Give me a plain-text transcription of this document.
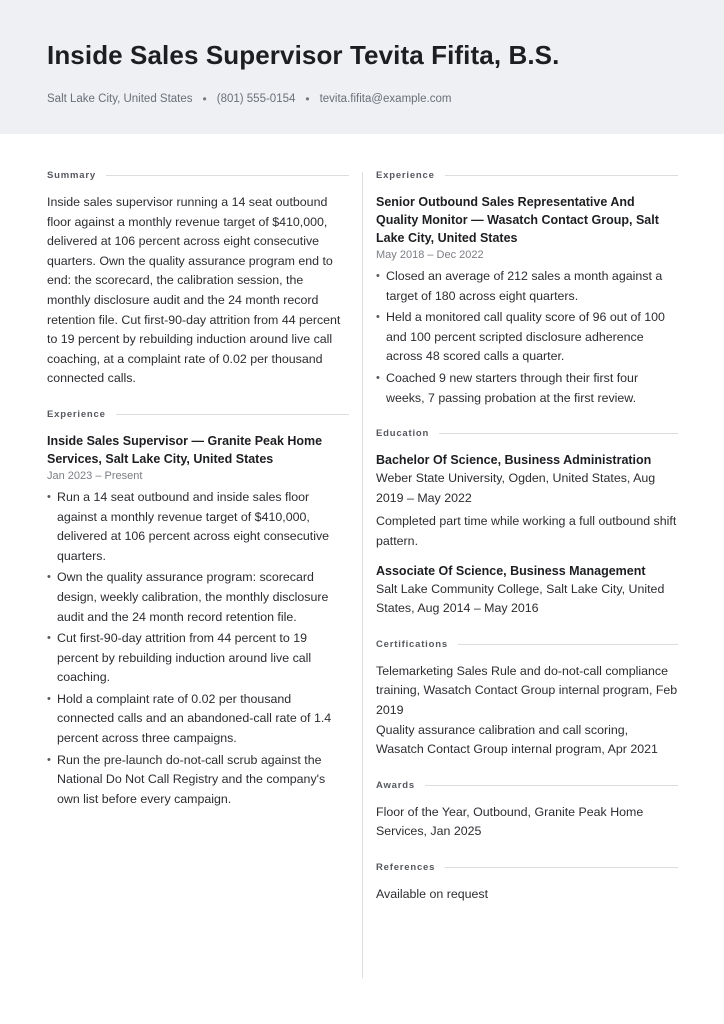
Inside Sales Supervisor Tevita Fifita, B.S.
Salt Lake City, United States • (801) 555-0154 • tevita.fifita@example.com
Summary

Inside sales supervisor running a 14 seat outbound floor against a monthly revenue target of $410,000, delivered at 106 percent across eight consecutive quarters. Own the quality assurance program end to end: the scorecard, the calibration session, the monthly disclosure audit and the 24 month record retention file. Cut first-90-day attrition from 44 percent to 19 percent by rebuilding induction around live call coaching, at a complaint rate of 0.02 per thousand connected calls.

Experience

Inside Sales Supervisor — Granite Peak Home Services, Salt Lake City, United States

Jan 2023 – Present
• Run a 14 seat outbound and inside sales floor against a monthly revenue target of $410,000, delivered at 106 percent across eight consecutive quarters.
• Own the quality assurance program: scorecard design, weekly calibration, the monthly disclosure audit and the 24 month record retention file.
• Cut first-90-day attrition from 44 percent to 19 percent by rebuilding induction around live call coaching.
• Hold a complaint rate of 0.02 per thousand connected calls and an abandoned-call rate of 1.4 percent across three campaigns.
• Run the pre-launch do-not-call scrub against the National Do Not Call Registry and the company's own list before every campaign.
Experience

Senior Outbound Sales Representative And Quality Monitor — Wasatch Contact Group, Salt Lake City, United States

May 2018 – Dec 2022
• Closed an average of 212 sales a month against a target of 180 across eight quarters.
• Held a monitored call quality score of 96 out of 100 and 100 percent scripted disclosure adherence across 48 scored calls a quarter.
• Coached 9 new starters through their first four weeks, 7 passing probation at the first review.
Education
Bachelor Of Science, Business Administration
Weber State University, Ogden, United States, Aug 2019 – May 2022
Completed part time while working a full outbound shift pattern.
Associate Of Science, Business Management
Salt Lake Community College, Salt Lake City, United States, Aug 2014 – May 2016
Certifications
Telemarketing Sales Rule and do-not-call compliance training, Wasatch Contact Group internal program, Feb 2019
Quality assurance calibration and call scoring, Wasatch Contact Group internal program, Apr 2021
Awards
Floor of the Year, Outbound, Granite Peak Home Services, Jan 2025
References
Available on request
